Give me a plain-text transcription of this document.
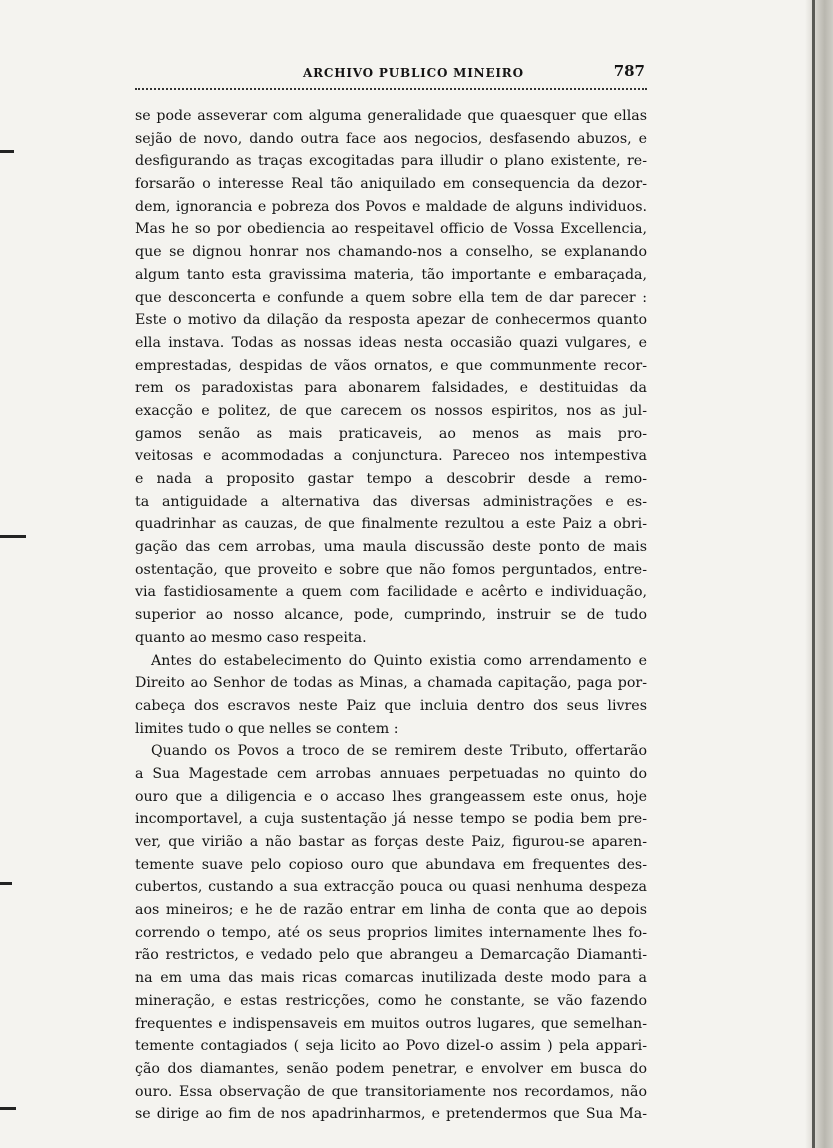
ARCHIVO PUBLICO MINEIRO	787
se pode asseverar com alguma generalidade que quaesquer que ellas
sejão de novo, dando outra face aos negocios, desfasendo abuzos, e
desfigurando as traças excogitadas para illudir o plano existente, re-
forsarão o interesse Real tão aniquilado em consequencia da dezor-
dem, ignorancia e pobreza dos Povos e maldade de alguns individuos.
Mas he so por obediencia ao respeitavel officio de Vossa Excellencia,
que se dignou honrar nos chamando-nos a conselho, se explanando
algum tanto esta gravissima materia, tão importante e embaraçada,
que desconcerta e confunde a quem sobre ella tem de dar parecer :
Este o motivo da dilação da resposta apezar de conhecermos quanto
ella instava. Todas as nossas ideas nesta occasião quazi vulgares, e
emprestadas, despidas de vãos ornatos, e que communmente recor-
rem os paradoxistas para abonarem falsidades, e destituidas da
exacção e politez, de que carecem os nossos espiritos, nos as jul-
gamos senão as mais praticaveis, ao menos as mais pro-
veitosas e acommodadas a conjunctura. Pareceo nos intempestiva
e nada a proposito gastar tempo a descobrir desde a remo-
ta antiguidade a alternativa das diversas administrações e es-
quadrinhar as cauzas, de que finalmente rezultou a este Paiz a obri-
gação das cem arrobas, uma maula discussão deste ponto de mais
ostentação, que proveito e sobre que não fomos perguntados, entre-
via fastidiosamente a quem com facilidade e acêrto e individuação,
superior ao nosso alcance, pode, cumprindo, instruir se de tudo
quanto ao mesmo caso respeita.
Antes do estabelecimento do Quinto existia como arrendamento e
Direito ao Senhor de todas as Minas, a chamada capitação, paga por-
cabeça dos escravos neste Paiz que incluia dentro dos seus livres
limites tudo o que nelles se contem :
Quando os Povos a troco de se remirem deste Tributo, offertarão
a Sua Magestade cem arrobas annuaes perpetuadas no quinto do
ouro que a diligencia e o accaso lhes grangeassem este onus, hoje
incomportavel, a cuja sustentação já nesse tempo se podia bem pre-
ver, que virião a não bastar as forças deste Paiz, figurou-se aparen-
temente suave pelo copioso ouro que abundava em frequentes des-
cubertos, custando a sua extracção pouca ou quasi nenhuma despeza
aos mineiros; e he de razão entrar em linha de conta que ao depois
correndo o tempo, até os seus proprios limites internamente lhes fo-
rão restrictos, e vedado pelo que abrangeu a Demarcação Diamanti-
na em uma das mais ricas comarcas inutilizada deste modo para a
mineração, e estas restricções, como he constante, se vão fazendo
frequentes e indispensaveis em muitos outros lugares, que semelhan-
temente contagiados ( seja licito ao Povo dizel-o assim ) pela appari-
ção dos diamantes, senão podem penetrar, e envolver em busca do
ouro. Essa observação de que transitoriamente nos recordamos, não
se dirige ao fim de nos apadrinharmos, e pretendermos que Sua Ma-
